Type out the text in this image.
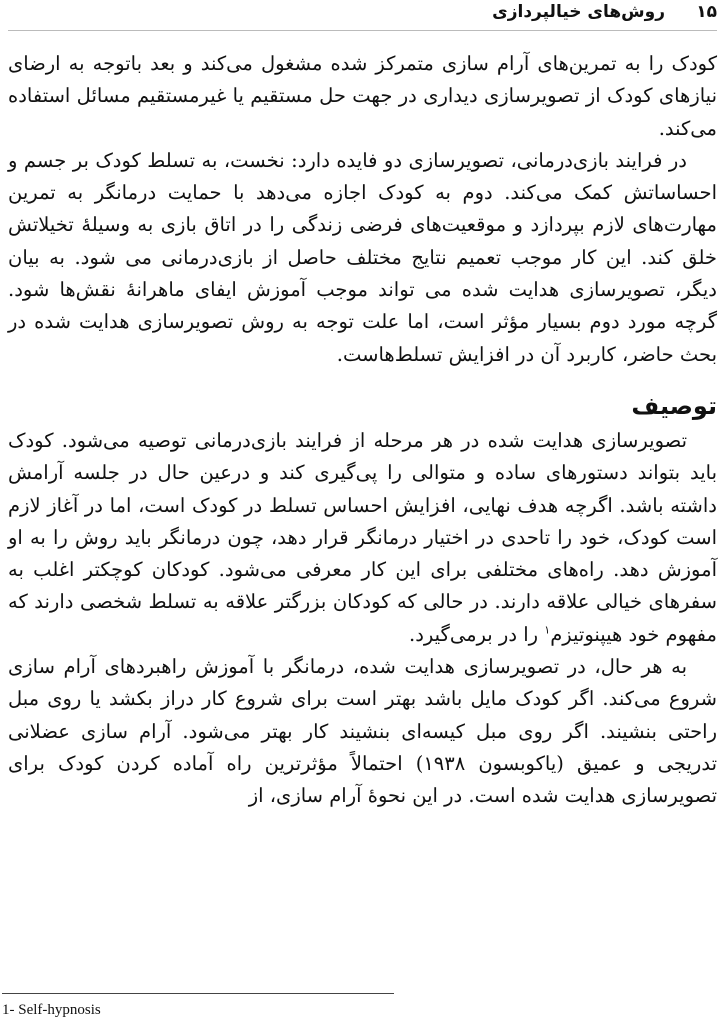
۱۵
روش‌های خیالپردازی

کودک را به تمرین‌های آرام سازی متمرکز شده مشغول می‌کند و بعد باتوجه به ارضای نیازهای کودک از تصویرسازی دیداری در جهت حل مستقیم یا غیرمستقیم مسائل استفاده می‌کند.

در فرایند بازی‌درمانی، تصویرسازی دو فایده دارد: نخست، به تسلط کودک بر جسم و احساساتش کمک می‌کند. دوم به کودک اجازه می‌دهد با حمایت درمانگر به تمرین مهارت‌های لازم بپردازد و موقعیت‌های فرضی زندگی را در اتاق بازی به وسیلهٔ تخیلاتش خلق کند. این کار موجب تعمیم نتایج مختلف حاصل از بازی‌درمانی می شود. به بیان دیگر، تصویرسازی هدایت شده می تواند موجب آموزش ایفای ماهرانهٔ نقش‌ها شود. گرچه مورد دوم بسیار مؤثر است، اما علت توجه به روش تصویرسازی هدایت شده در بحث حاضر، کاربرد آن در افزایش تسلط‌هاست.

توصیف

تصویرسازی هدایت شده در هر مرحله از فرایند بازی‌درمانی توصیه می‌شود. کودک باید بتواند دستورهای ساده و متوالی را پی‌گیری کند و درعین حال در جلسه آرامش داشته باشد. اگرچه هدف نهایی، افزایش احساس تسلط در کودک است، اما در آغاز لازم است کودک، خود را تاحدی در اختیار درمانگر قرار دهد، چون درمانگر باید روش را به او آموزش دهد. راه‌های مختلفی برای این کار معرفی می‌شود. کودکان کوچکتر اغلب به سفرهای خیالی علاقه دارند. در حالی که کودکان بزرگتر علاقه به تسلط شخصی دارند که مفهوم خود هیپنوتیزم$^۱$ را در برمی‌گیرد.

به هر حال، در تصویرسازی هدایت شده، درمانگر با آموزش راهبردهای آرام سازی شروع می‌کند. اگر کودک مایل باشد بهتر است برای شروع کار دراز بکشد یا روی مبل راحتی بنشیند. اگر روی مبل کیسه‌ای بنشیند کار بهتر می‌شود. آرام سازی عضلانی تدریجی و عمیق (یاکوبسون ۱۹۳۸) احتمالاً مؤثرترین راه آماده کردن کودک برای تصویرسازی هدایت شده است. در این نحوهٔ آرام سازی، از

1- Self-hypnosis
